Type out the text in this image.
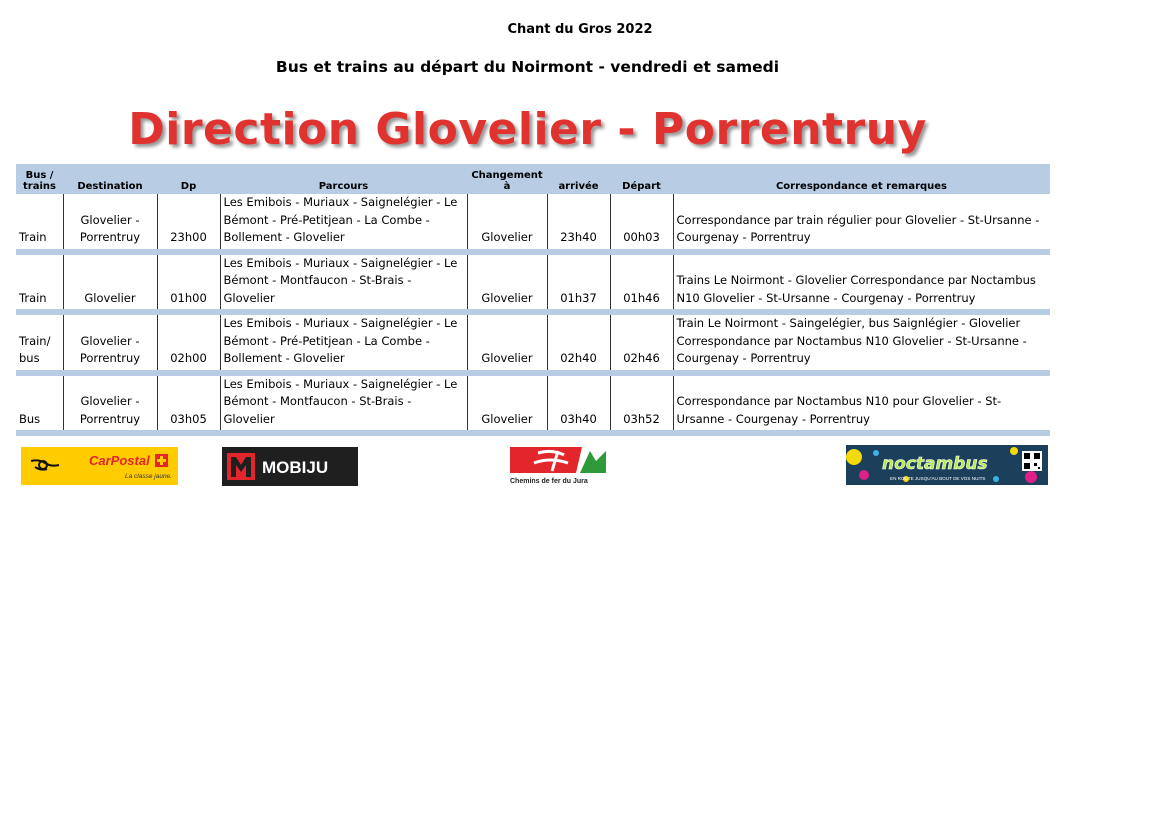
Chant du Gros 2022
Bus et trains au départ du Noirmont - vendredi et samedi
Direction Glovelier - Porrentruy
Bus / trains	Destination	Dp	Parcours	Changement à	arrivée	Départ	Correspondance et remarques
Train	Glovelier - Porrentruy	23h00	Les Emibois - Muriaux - Saignelégier - Le Bémont - Pré-Petitjean - La Combe - Bollement - Glovelier	Glovelier	23h40	00h03	Correspondance par train régulier pour Glovelier - St-Ursanne - Courgenay - Porrentruy

Train	Glovelier	01h00	Les Emibois - Muriaux - Saignelégier - Le Bémont - Montfaucon - St-Brais - Glovelier	Glovelier	01h37	01h46	Trains Le Noirmont - Glovelier Correspondance par Noctambus N10 Glovelier - St-Ursanne - Courgenay - Porrentruy

Train/ bus	Glovelier - Porrentruy	02h00	Les Emibois - Muriaux - Saignelégier - Le Bémont - Pré-Petitjean - La Combe - Bollement - Glovelier	Glovelier	02h40	02h46	Train Le Noirmont - Saingelégier, bus Saignlégier - Glovelier Correspondance par Noctambus N10 Glovelier - St-Ursanne - Courgenay - Porrentruy

Bus	Glovelier - Porrentruy	03h05	Les Emibois - Muriaux - Saignelégier - Le Bémont - Montfaucon - St-Brais - Glovelier	Glovelier	03h40	03h52	Correspondance par Noctambus N10 pour Glovelier - St-Ursanne - Courgenay - Porrentruy

CarPostal
La classe jaune.	MOBIJU
Chemins de fer du Jura
noctambus
EN ROUTE JUSQU'AU BOUT DE VOS NUITS
